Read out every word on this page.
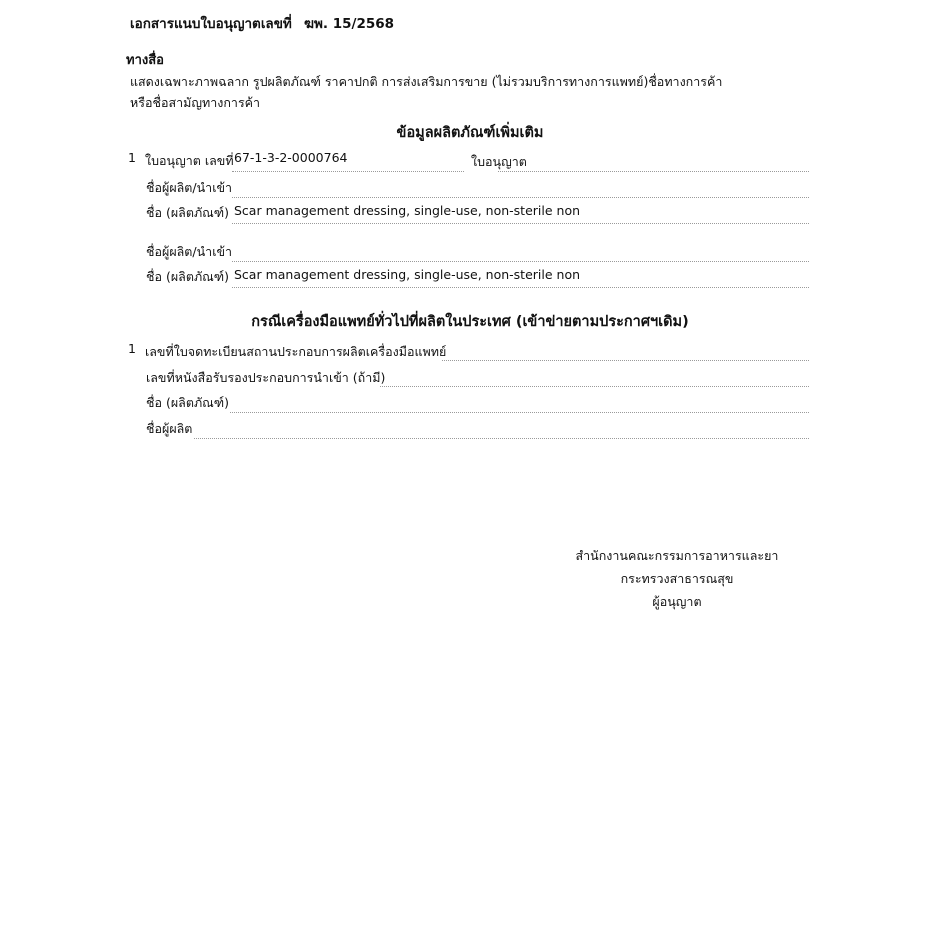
เอกสารแนบใบอนุญาตเลขที่ ฆพ. 15/2568
ทางสื่อ
แสดงเฉพาะภาพฉลาก รูปผลิตภัณฑ์ ราคาปกติ การส่งเสริมการขาย (ไม่รวมบริการทางการแพทย์)ชื่อทางการค้า
หรือชื่อสามัญทางการค้า
ข้อมูลผลิตภัณฑ์เพิ่มเติม
1 ใบอนุญาต เลขที่ 67-1-3-2-0000764	ใบอนุญาต
ชื่อผู้ผลิต/นำเข้า
ชื่อ (ผลิตภัณฑ์) Scar management dressing, single-use, non-sterile non
ชื่อผู้ผลิต/นำเข้า
ชื่อ (ผลิตภัณฑ์) Scar management dressing, single-use, non-sterile non
กรณีเครื่องมือแพทย์ทั่วไปที่ผลิตในประเทศ (เข้าข่ายตามประกาศฯเดิม)
1 เลขที่ใบจดทะเบียนสถานประกอบการผลิตเครื่องมือแพทย์
เลขที่หนังสือรับรองประกอบการนำเข้า (ถ้ามี)
ชื่อ (ผลิตภัณฑ์)
ชื่อผู้ผลิต
สำนักงานคณะกรรมการอาหารและยา
กระทรวงสาธารณสุข
ผู้อนุญาต
